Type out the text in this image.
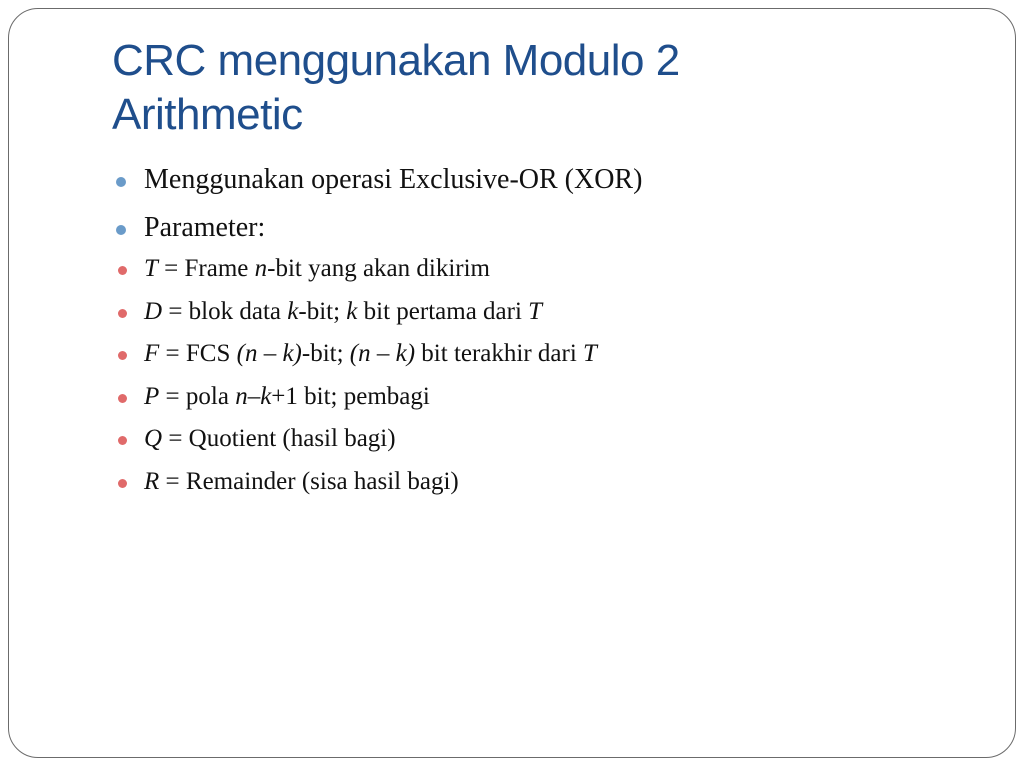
CRC menggunakan Modulo 2
Arithmetic
Menggunakan operasi Exclusive-OR (XOR)
Parameter:
T = Frame n-bit yang akan dikirim
D = blok data k-bit; k bit pertama dari T
F = FCS (n – k)-bit; (n – k) bit terakhir dari T
P = pola n–k+1 bit; pembagi
Q = Quotient (hasil bagi)
R = Remainder (sisa hasil bagi)
